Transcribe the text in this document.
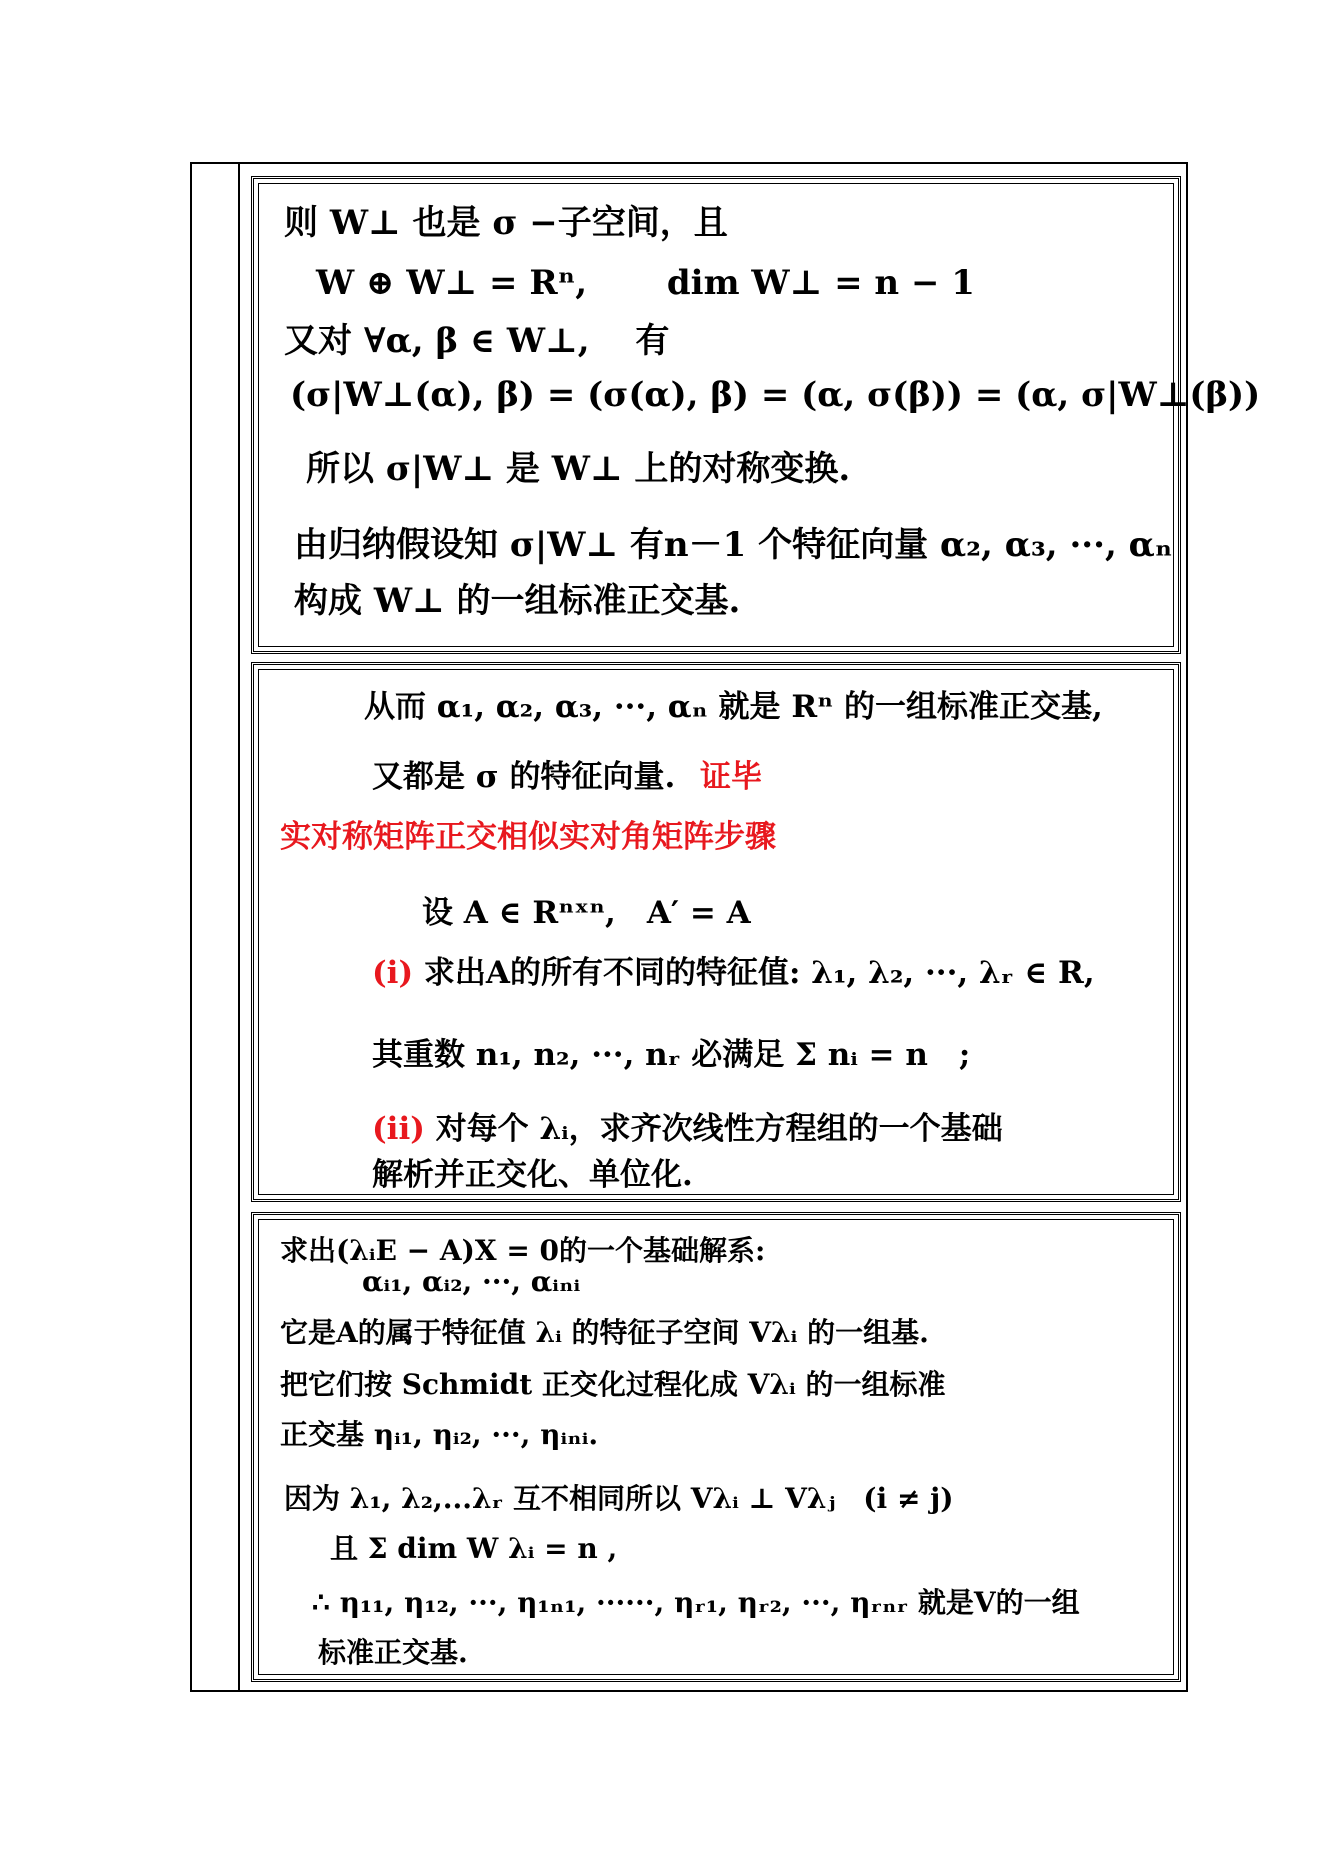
则 W⊥ 也是 σ −子空间，且
W ⊕ W⊥ = Rⁿ,　　 dim W⊥ = n − 1
又对 ∀α, β ∈ W⊥,　 有
(σ|W⊥(α), β) = (σ(α), β) = (α, σ(β)) = (α, σ|W⊥(β))
所以 σ|W⊥ 是 W⊥ 上的对称变换.
由归纳假设知 σ|W⊥ 有n－1 个特征向量 α₂, α₃, ···, αₙ
构成 W⊥ 的一组标准正交基.
从而 α₁, α₂, α₃, ···, αₙ 就是 Rⁿ 的一组标准正交基,
又都是 σ 的特征向量. 证毕
实对称矩阵正交相似实对角矩阵步骤
设 A ∈ Rⁿˣⁿ,　A′ = A
(i) 求出A的所有不同的特征值: λ₁, λ₂, ···, λᵣ ∈ R,
其重数 n₁, n₂, ···, nᵣ 必满足 Σ nᵢ = n　;
(ii) 对每个 λᵢ，求齐次线性方程组的一个基础
解析并正交化、单位化.
求出(λᵢE − A)X = 0的一个基础解系:
αᵢ₁, αᵢ₂, ···, αᵢₙᵢ
它是A的属于特征值 λᵢ 的特征子空间 Vλᵢ 的一组基.
把它们按 Schmidt 正交化过程化成 Vλᵢ 的一组标准
正交基 ηᵢ₁, ηᵢ₂, ···, ηᵢₙᵢ.
因为 λ₁, λ₂,...λᵣ 互不相同所以 Vλᵢ ⊥ Vλⱼ　(i ≠ j)
且 Σ dim W λᵢ = n ,
∴ η₁₁, η₁₂, ···, η₁ₙ₁, ······, ηᵣ₁, ηᵣ₂, ···, ηᵣₙᵣ 就是V的一组
标准正交基.
